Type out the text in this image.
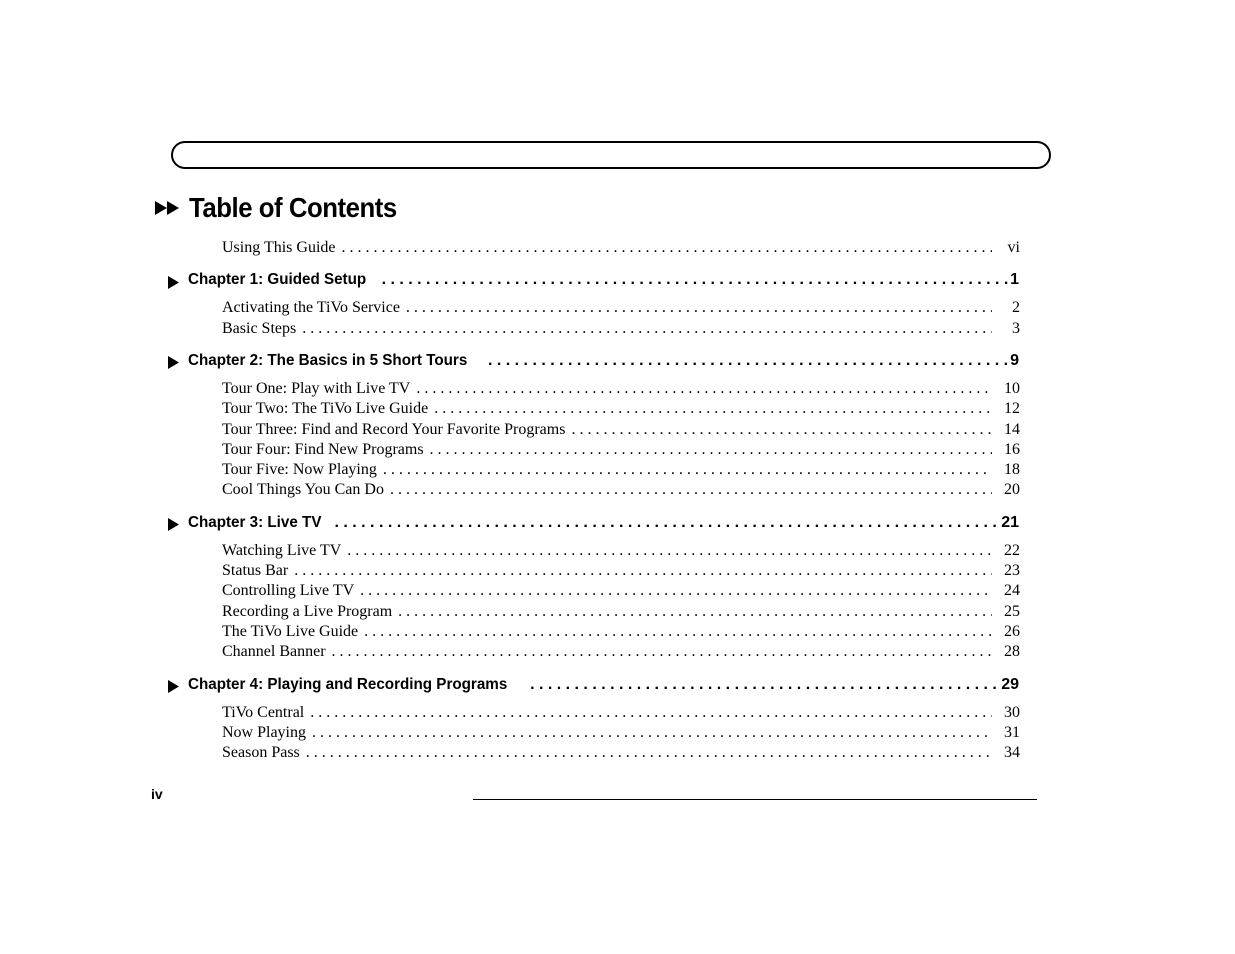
Table of Contents
Using This Guide . . .	vi
Chapter 1: Guided Setup . . .	1
Activating the TiVo Service . . .	2
Basic Steps . . .	3
Chapter 2: The Basics in 5 Short Tours . . .	9
Tour One: Play with Live TV . . .	10
Tour Two: The TiVo Live Guide . . .	12
Tour Three: Find and Record Your Favorite Programs . . .	14
Tour Four: Find New Programs . . .	16
Tour Five: Now Playing . . .	18
Cool Things You Can Do . . .	20
Chapter 3: Live TV . . .	21
Watching Live TV . . .	22
Status Bar . . .	23
Controlling Live TV . . .	24
Recording a Live Program . . .	25
The TiVo Live Guide . . .	26
Channel Banner . . .	28
Chapter 4: Playing and Recording Programs . . .	29
TiVo Central . . .	30
Now Playing . . .	31
Season Pass . . .	34
iv
